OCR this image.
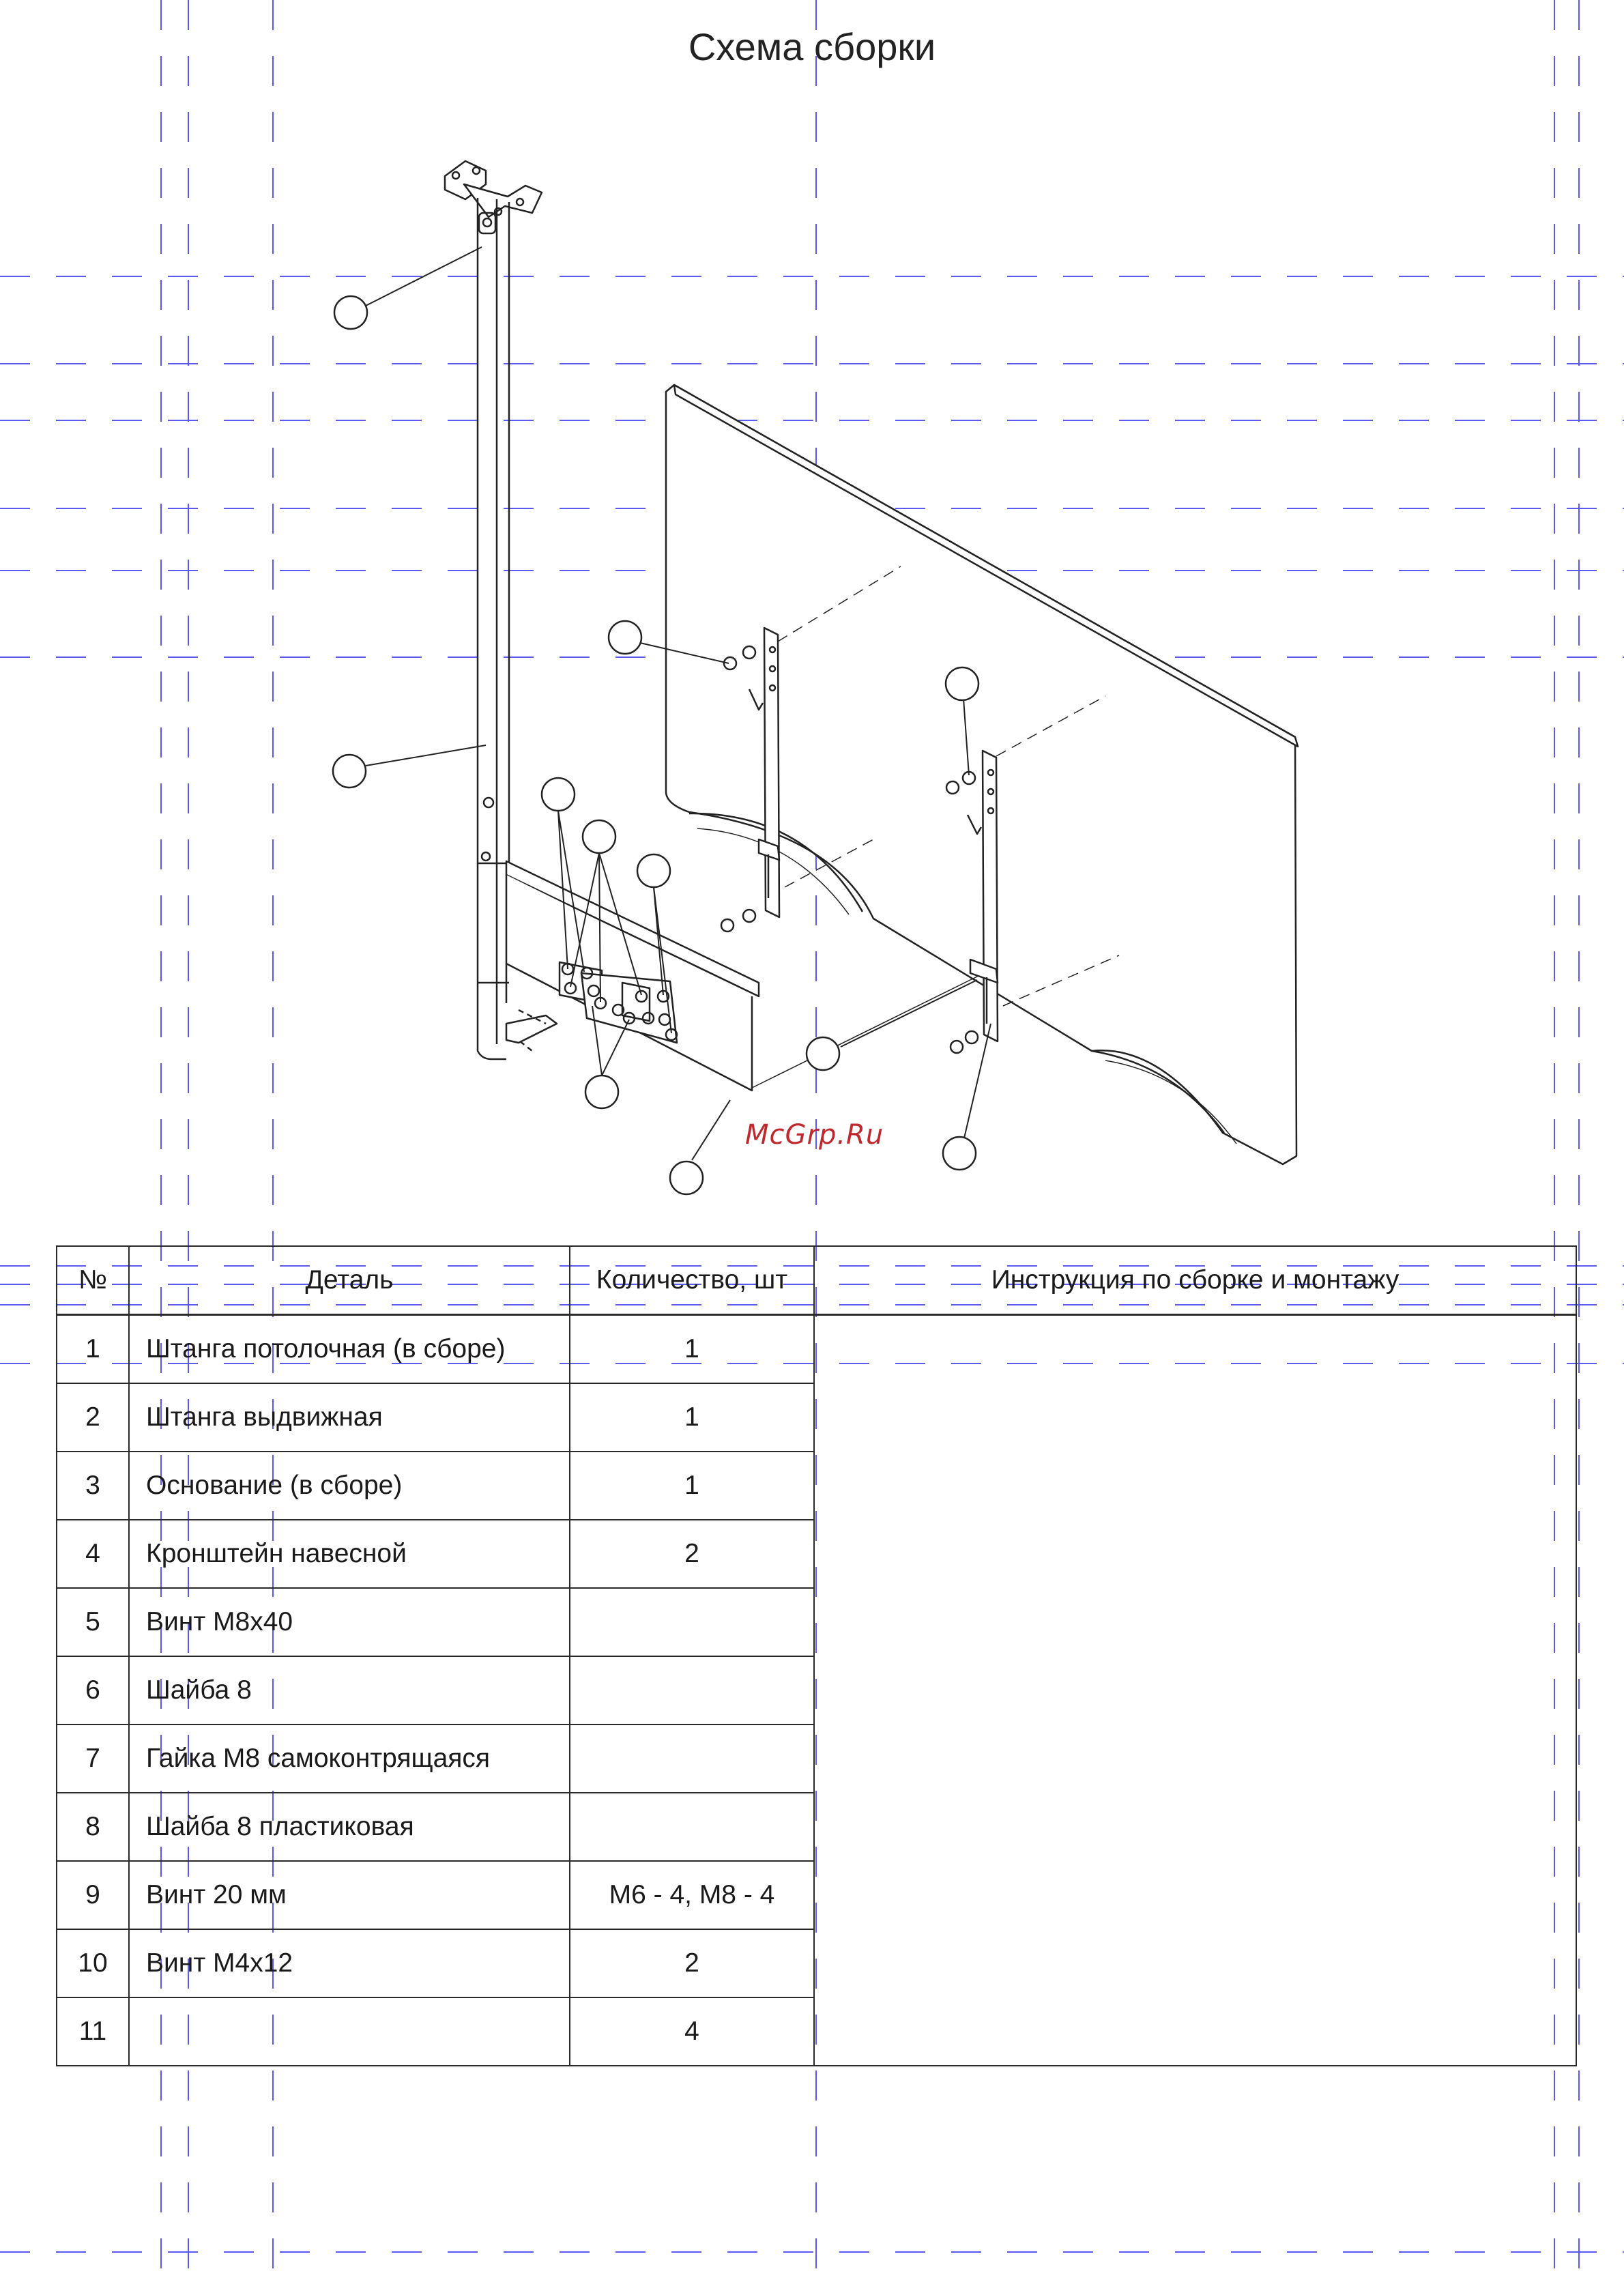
Схема сборки
McGrp.Ru
№	Деталь	Количество, шт	Инструкция по сборке и монтажу
1	Штанга потолочная (в сборе)	1	
2	Штанга выдвижная	1	
3	Основание (в сборе)	1	
4	Кронштейн навесной	2	
5	Винт М8х40		
6	Шайба 8		
7	Гайка М8 самоконтрящаяся		
8	Шайба 8 пластиковая		
9	Винт 20 мм	М6 - 4, М8 - 4	
10	Винт М4х12	2	
11		4	
